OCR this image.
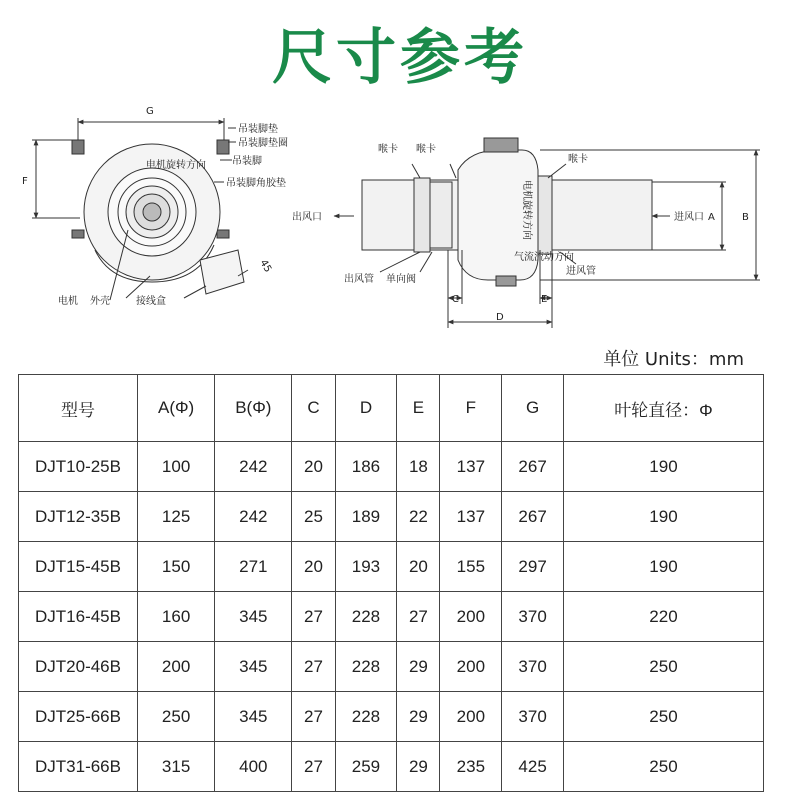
尺寸参考
G
F
45
吊装脚垫
吊装脚垫圈
吊装脚
吊装脚角胶垫
电机旋转方向
电机 外壳	接线盒
喉卡 喉卡
喉卡
出风口	进风口
电机旋转方向
气流流动方向
出风管 单向阀
进风管
A	B
C	E
D
单位 Units：mm
型号	A(Φ)	B(Φ)	C	D	E	F	G	叶轮直径：Φ
DJT10-25B	100	242	20	186	18	137	267	190
DJT12-35B	125	242	25	189	22	137	267	190
DJT15-45B	150	271	20	193	20	155	297	190
DJT16-45B	160	345	27	228	27	200	370	220
DJT20-46B	200	345	27	228	29	200	370	250
DJT25-66B	250	345	27	228	29	200	370	250
DJT31-66B	315	400	27	259	29	235	425	250
